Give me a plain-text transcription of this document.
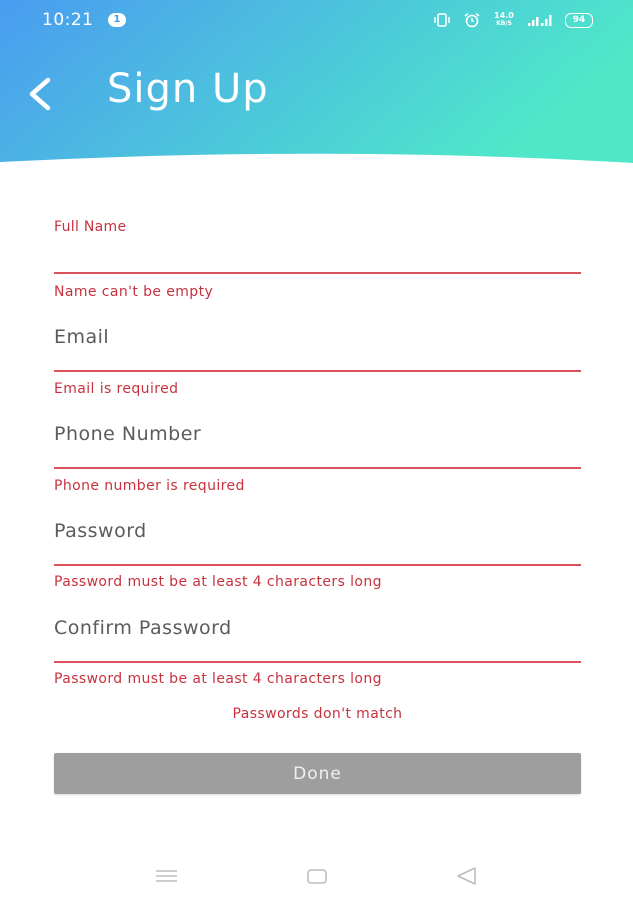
10:21	1	14.0
KB/S	94
Sign Up
Full Name
Name can't be empty
Email
Email is required
Phone Number
Phone number is required
Password must be at least 4 characters long
Password must be at least 4 characters long
Passwords don't match
Done
